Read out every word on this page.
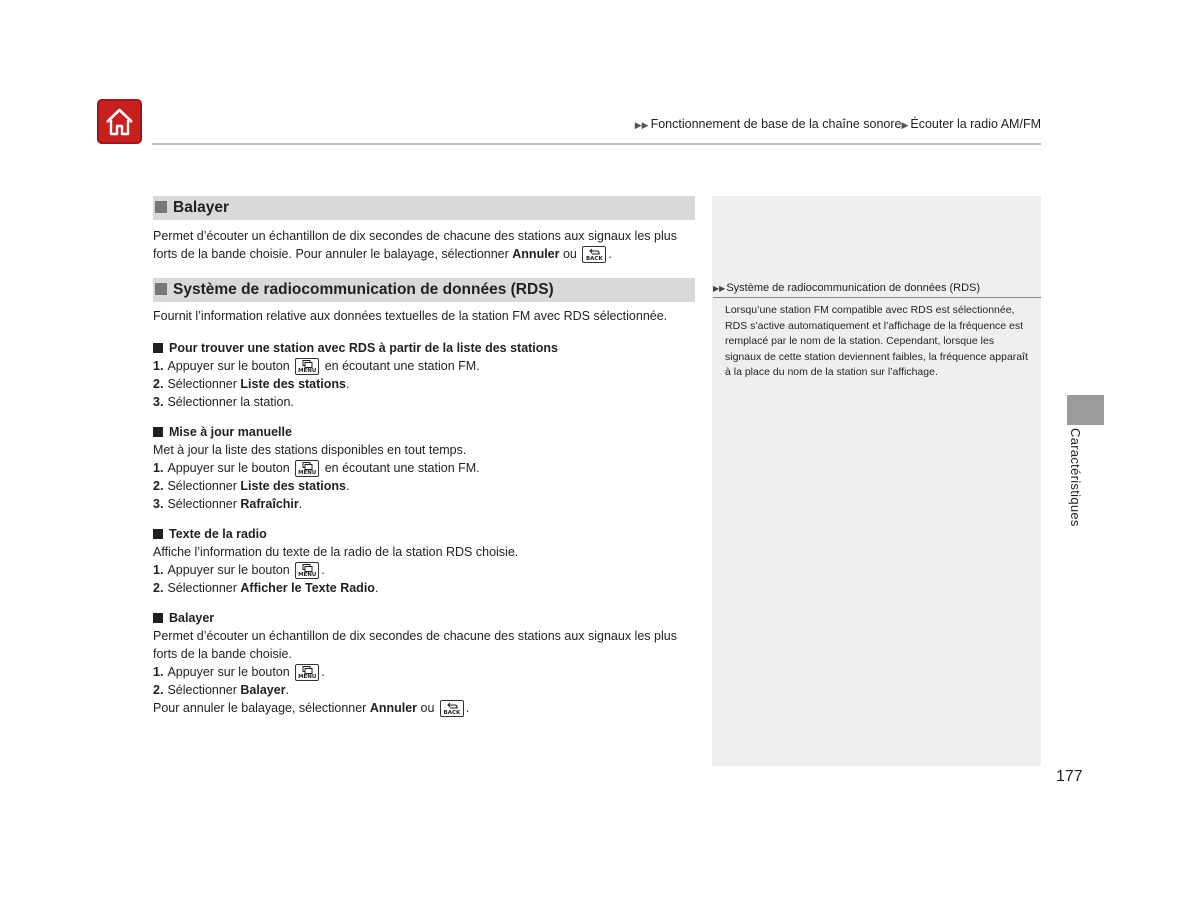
▶▶ Fonctionnement de base de la chaîne sonore▶ Écouter la radio AM/FM
▶▶Système de radiocommunication de données (RDS)
Lorsqu’une station FM compatible avec RDS est sélectionnée, RDS s’active automatiquement et l’affichage de la fréquence est remplacé par le nom de la station. Cependant, lorsque les signaux de cette station deviennent faibles, la fréquence apparaît à la place du nom de la station sur l’affichage.
Caractéristiques
177
Balayer

Permet d’écouter un échantillon de dix secondes de chacune des stations aux signaux les plus forts de la bande choisie. Pour annuler le balayage, sélectionner Annuler ou	BACK .

Système de radiocommunication de données (RDS)

Fournit l’information relative aux données textuelles de la station FM avec RDS sélectionnée.

Pour trouver une station avec RDS à partir de la liste des stations

1. Appuyer sur le bouton MENU en écoutant une station FM.

2. Sélectionner Liste des stations.

3. Sélectionner la station.

Mise à jour manuelle

Met à jour la liste des stations disponibles en tout temps.

1. Appuyer sur le bouton MENU en écoutant une station FM.

2. Sélectionner Liste des stations.

3. Sélectionner Rafraîchir.

Texte de la radio

Affiche l’information du texte de la radio de la station RDS choisie.

1. Appuyer sur le bouton MENU .

2. Sélectionner Afficher le Texte Radio.

Balayer

Permet d’écouter un échantillon de dix secondes de chacune des stations aux signaux les plus forts de la bande choisie.

1. Appuyer sur le bouton MENU .

2. Sélectionner Balayer.

Pour annuler le balayage, sélectionner Annuler ou	BACK .
